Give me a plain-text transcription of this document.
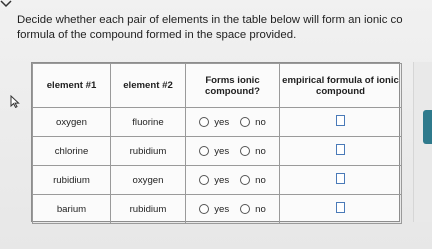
Decide whether each pair of elements in the table below will form an ionic co
formula of the compound formed in the space provided.
element #1	element #2	Forms ionic compound?	empirical formula of ionic compound
oxygen	fluorine	yes no	

chlorine	rubidium	yes no	

rubidium	oxygen	yes no	

barium	rubidium	yes no	
